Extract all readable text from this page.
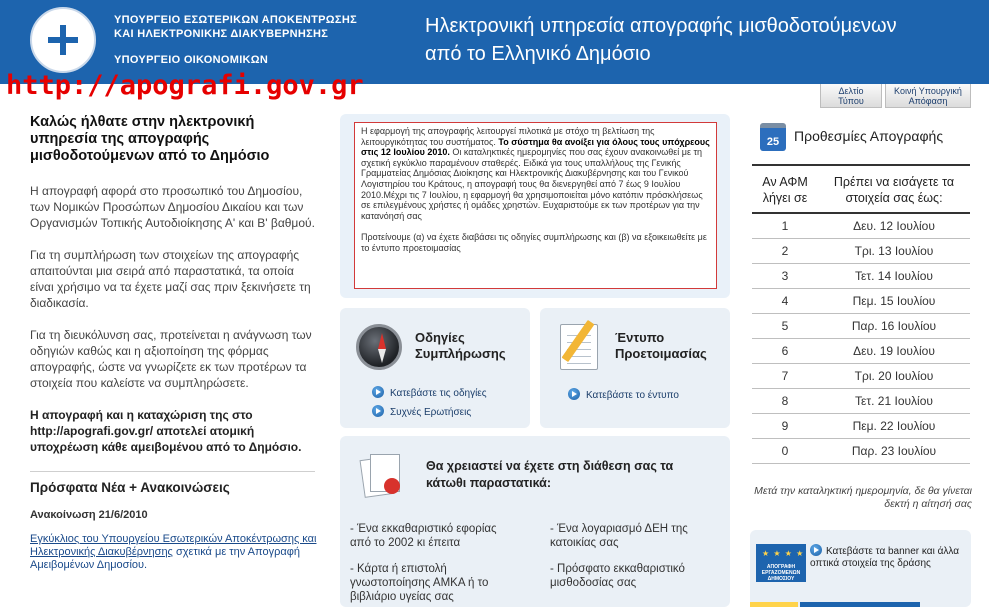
ΥΠΟΥΡΓΕΙΟ ΕΣΩΤΕΡΙΚΩΝ ΑΠΟΚΕΝΤΡΩΣΗΣ
ΚΑΙ ΗΛΕΚΤΡΟΝΙΚΗΣ ΔΙΑΚΥΒΕΡΝΗΣΗΣ
ΥΠΟΥΡΓΕΙΟ ΟΙΚΟΝΟΜΙΚΩΝ
Ηλεκτρονική υπηρεσία απογραφής μισθοδοτούμενων
από το Ελληνικό Δημόσιο
http://apografi.gov.gr	Δελτίο
Τύπου
Κοινή Υπουργική
Απόφαση
Καλώς ήλθατε στην ηλεκτρονική υπηρεσία της απογραφής μισθοδοτούμενων από το Δημόσιο

Η απογραφή αφορά στο προσωπικό του Δημοσίου, των Νομικών Προσώπων Δημοσίου Δικαίου και των Οργανισμών Τοπικής Αυτοδιοίκησης Α' και Β' βαθμού.

Για τη συμπλήρωση των στοιχείων της απογραφής απαιτούνται μια σειρά από παραστατικά, τα οποία είναι χρήσιμο να τα έχετε μαζί σας πριν ξεκινήσετε τη διαδικασία.

Για τη διευκόλυνση σας, προτείνεται η ανάγνωση των οδηγιών καθώς και η αξιοποίηση της φόρμας απογραφής, ώστε να γνωρίζετε εκ των προτέρων τα στοιχεία που καλείστε να συμπληρώσετε.

Η απογραφή και η καταχώριση της στο http://apografi.gov.gr/ αποτελεί ατομική υποχρέωση κάθε αμειβομένου από το Δημόσιο.

Πρόσφατα Νέα + Ανακοινώσεις
Ανακοίνωση 21/6/2010
Εγκύκλιος του Υπουργείου Εσωτερικών Αποκέντρωσης και Ηλεκτρονικής Διακυβέρνησης σχετικά με την Απογραφή Αμειβομένων Δημοσίου.
Η εφαρμογή της απογραφής λειτουργεί πιλοτικά με στόχο τη βελτίωση της λειτουργικότητας του συστήματος. Το σύστημα θα ανοίξει για όλους τους υπόχρεους στις 12 Ιουλίου 2010. Οι καταληκτικές ημερομηνίες που σας έχουν ανακοινωθεί με τη σχετική εγκύκλιο παραμένουν σταθερές. Ειδικά για τους υπαλλήλους της Γενικής Γραμματείας Δημόσιας Διοίκησης και Ηλεκτρονικής Διακυβέρνησης και του Γενικού Λογιστηρίου του Κράτους, η απογραφή τους θα διενεργηθεί από 7 έως 9 Ιουλίου 2010.Μέχρι τις 7 Ιουλίου, η εφαρμογή θα χρησιμοποιείται μόνο κατόπιν πρόσκλήσεως σε επιλεγμένους χρήστες ή ομάδες χρηστών. Ευχαριστούμε εκ των προτέρων για την κατανόησή σας

Προτείνουμε (α) να έχετε διαβάσει τις οδηγίες συμπλήρωσης και (β) να εξοικειωθείτε με το έντυπο προετοιμασίας
Οδηγίες
Συμπλήρωσης
Κατεβάστε τις οδηγίες
Συχνές Ερωτήσεις
Έντυπο
Προετοιμασίας
Κατεβάστε το έντυπο
Θα χρειαστεί να έχετε στη διάθεση σας τα κάτωθι παραστατικά:
- Ένα εκκαθαριστικό εφορίας από το 2002 κι έπειτα
- Ένα λογαριασμό ΔΕΗ της κατοικίας σας
- Κάρτα ή επιστολή γνωστοποίησης ΑΜΚΑ ή το βιβλιάριο υγείας σας
- Πρόσφατο εκκαθαριστικό μισθοδοσίας σας
25	Προθεσμίες Απογραφής
Αν ΑΦΜ λήγει σε	Πρέπει να εισάγετε τα στοιχεία σας έως:
1	Δευ. 12 Ιουλίου
2	Τρι. 13 Ιουλίου
3	Τετ. 14 Ιουλίου
4	Πεμ. 15 Ιουλίου
5	Παρ. 16 Ιουλίου
6	Δευ. 19 Ιουλίου
7	Τρι. 20 Ιουλίου
8	Τετ. 21 Ιουλίου
9	Πεμ. 22 Ιουλίου
0	Παρ. 23 Ιουλίου
Μετά την καταληκτική ημερομηνία, δε θα γίνεται δεκτή η αίτησή σας
★ ★ ★ ★
ΑΠΟΓΡΑΦΗ ΕΡΓΑΖΟΜΕΝΩΝ ΔΗΜΟΣΙΟΥ
Κατεβάστε τα banner και άλλα οπτικά στοιχεία της δράσης
